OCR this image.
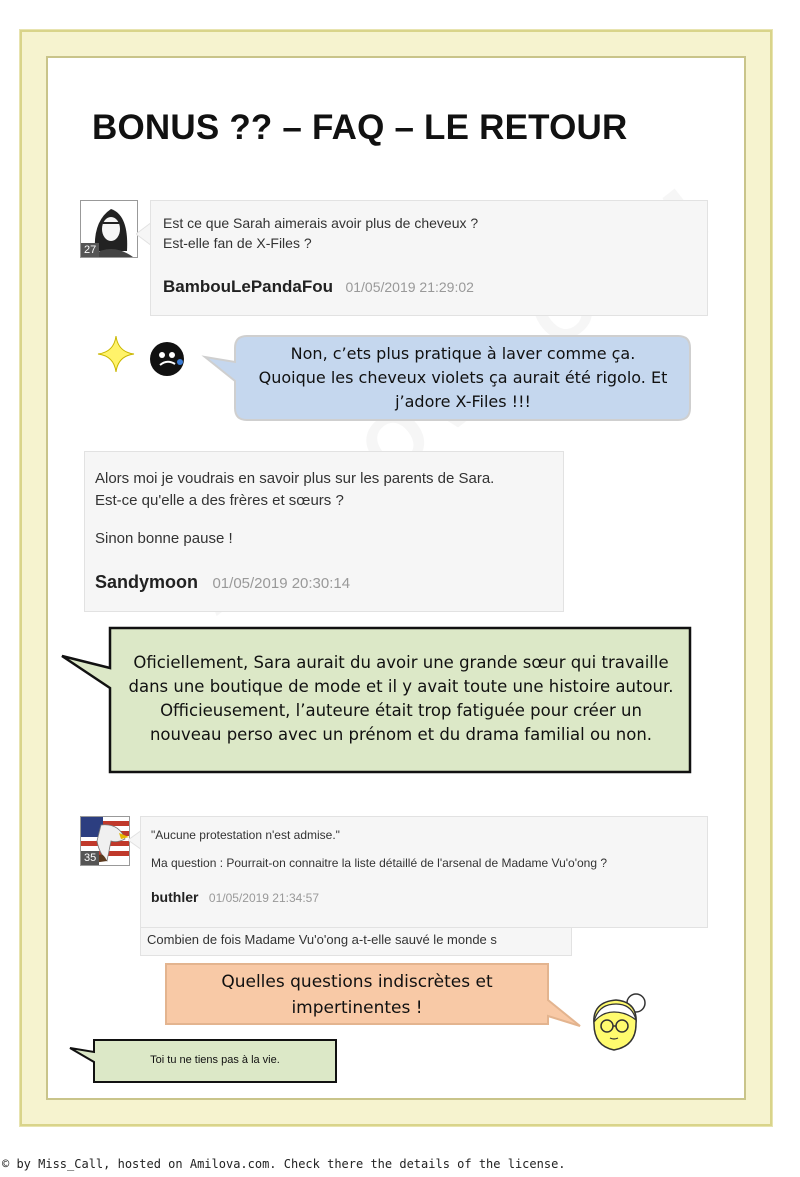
BONUS ?? – FAQ – LE RETOUR
27
Est ce que Sarah aimerais avoir plus de cheveux ?
Est-elle fan de X-Files ?
BambouLePandaFou 01/05/2019 21:29:02
Non, c’ets plus pratique à laver comme ça.
Quoique les cheveux violets ça aurait été rigolo. Et
j’adore X-Files !!!
Alors moi je voudrais en savoir plus sur les parents de Sara.
Est-ce qu'elle a des frères et sœurs ?
Sinon bonne pause !
Sandymoon 01/05/2019 20:30:14
Oficiellement, Sara aurait du avoir une grande sœur qui travaille
dans une boutique de mode et il y avait toute une histoire autour.
Officieusement, l’auteure était trop fatiguée pour créer un
nouveau perso avec un prénom et du drama familial ou non.
35
"Aucune protestation n'est admise."
Ma question : Pourrait-on connaitre la liste détaillé de l'arsenal de Madame Vu'o'ong ?
buthler 01/05/2019 21:34:57
Combien de fois Madame Vu'o'ong a-t-elle sauvé le monde s
Quelles questions indiscrètes et
impertinentes !
Toi tu ne tiens pas à la vie.
© by Miss_Call, hosted on Amilova.com. Check there the details of the license.
